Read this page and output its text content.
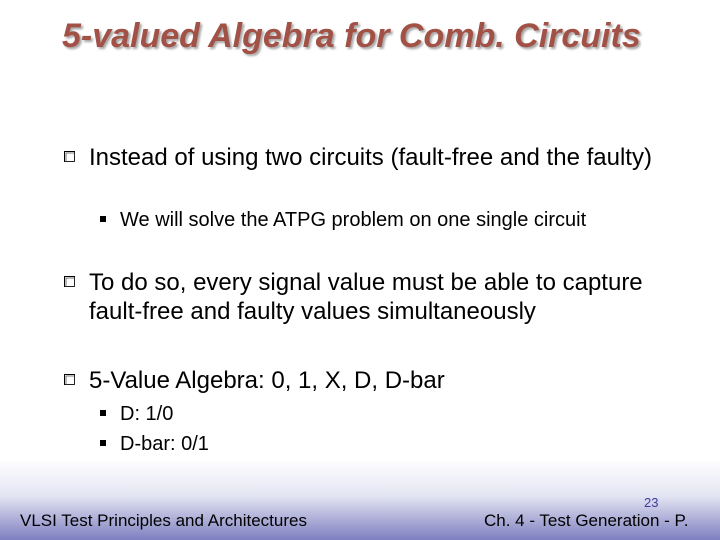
5-valued Algebra for Comb. Circuits
Instead of using two circuits (fault-free and the faulty)
We will solve the ATPG problem on one single circuit
To do so, every signal value must be able to capture fault-free and faulty values simultaneously
5-Value Algebra: 0, 1, X, D, D-bar
D: 1/0
D-bar: 0/1
23
VLSI Test Principles and Architectures	Ch. 4 - Test Generation - P.
